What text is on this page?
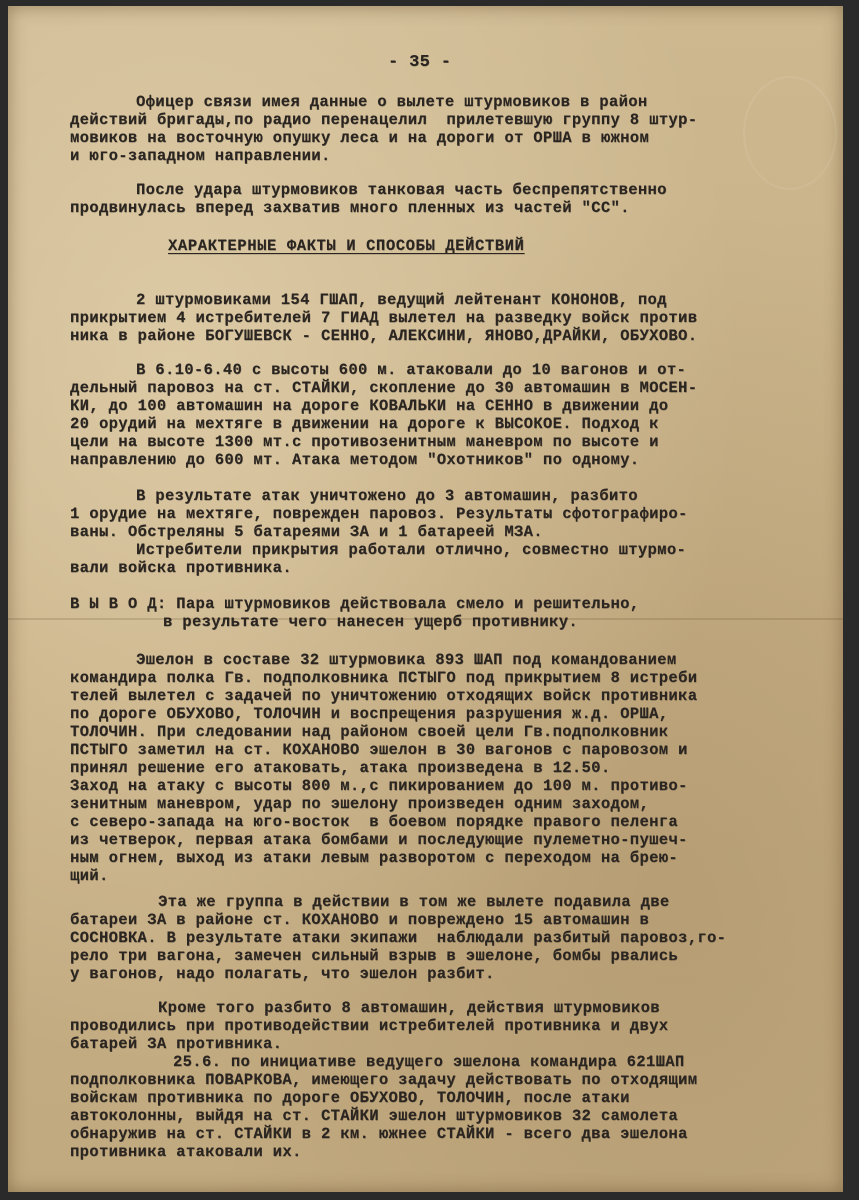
- 35 -
Офицер связи имея данные о вылете штурмовиков в район
действий бригады,по радио перенацелил  прилетевшую группу 8 штур-
мовиков на восточную опушку леса и на дороги от ОРША в южном
и юго-западном направлении.
После удара штурмовиков танковая часть беспрепятственно
продвинулась вперед захватив много пленных из частей "СС".
ХАРАКТЕРНЫЕ ФАКТЫ И СПОСОБЫ ДЕЙСТВИЙ
2 штурмовиками 154 ГШАП, ведущий лейтенант КОНОНОВ, под
прикрытием 4 истребителей 7 ГИАД вылетел на разведку войск против
ника в районе БОГУШЕВСК - СЕННО, АЛЕКСИНИ, ЯНОВО,ДРАЙКИ, ОБУХОВО.
В 6.10-6.40 с высоты 600 м. атаковали до 10 вагонов и от-
дельный паровоз на ст. СТАЙКИ, скопление до 30 автомашин в МОСЕН-
КИ, до 100 автомашин на дороге КОВАЛЬКИ на СЕННО в движении до
20 орудий на мехтяге в движении на дороге к ВЫСОКОЕ. Подход к
цели на высоте 1300 мт.с противозенитным маневром по высоте и
направлению до 600 мт. Атака методом "Охотников" по одному.
В результате атак уничтожено до 3 автомашин, разбито
1 орудие на мехтяге, поврежден паровоз. Результаты сфотографиро-
ваны. Обстреляны 5 батареями ЗА и 1 батареей МЗА.
Истребители прикрытия работали отлично, совместно штурмо-
вали войска противника.
В Ы В О Д: Пара штурмовиков действовала смело и решительно,
в результате чего нанесен ущерб противнику.
Эшелон в составе 32 штурмовика 893 ШАП под командованием
командира полка Гв. подполковника ПСТЫГО под прикрытием 8 истреби
телей вылетел с задачей по уничтожению отходящих войск противника
по дороге ОБУХОВО, ТОЛОЧИН и воспрещения разрушения ж.д. ОРША,
ТОЛОЧИН. При следовании над районом своей цели Гв.подполковник
ПСТЫГО заметил на ст. КОХАНОВО эшелон в 30 вагонов с паровозом и
принял решение его атаковать, атака произведена в 12.50.
Заход на атаку с высоты 800 м.,с пикированием до 100 м. противо-
зенитным маневром, удар по эшелону произведен одним заходом,
с северо-запада на юго-восток  в боевом порядке правого пеленга
из четверок, первая атака бомбами и последующие пулеметно-пушеч-
ным огнем, выход из атаки левым разворотом с переходом на брею-
щий.
Эта же группа в действии в том же вылете подавила две
батареи ЗА в районе ст. КОХАНОВО и повреждено 15 автомашин в
СОСНОВКА. В результате атаки экипажи  наблюдали разбитый паровоз,го-
рело три вагона, замечен сильный взрыв в эшелоне, бомбы рвались
у вагонов, надо полагать, что эшелон разбит.
Кроме того разбито 8 автомашин, действия штурмовиков
проводились при противодействии истребителей противника и двух
батарей ЗА противника.
25.6. по инициативе ведущего эшелона командира 621ШАП
подполковника ПОВАРКОВА, имеющего задачу действовать по отходящим
войскам противника по дороге ОБУХОВО, ТОЛОЧИН, после атаки
автоколонны, выйдя на ст. СТАЙКИ эшелон штурмовиков 32 самолета
обнаружив на ст. СТАЙКИ в 2 км. южнее СТАЙКИ - всего два эшелона
противника атаковали их.
